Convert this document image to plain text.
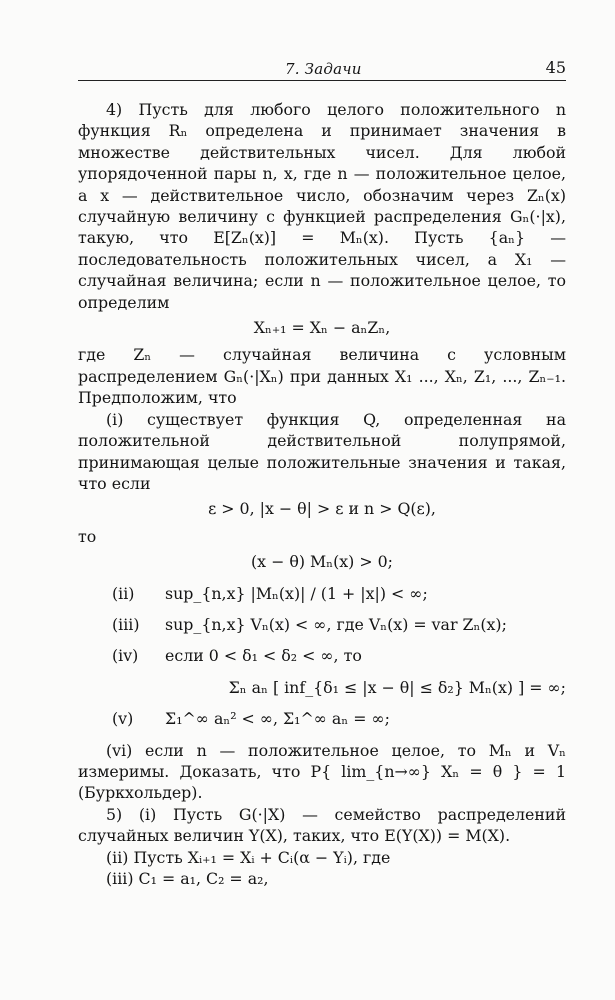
7. Задачи	45

4) Пусть для любого целого положительного n функция Rₙ определена и принимает значения в множестве действительных чисел. Для любой упорядоченной пары n, x, где n — положительное целое, а x — действительное число, обозначим через Zₙ(x) случайную величину с функцией распределения Gₙ(·|x), такую, что E[Zₙ(x)] = Mₙ(x). Пусть {aₙ} — последовательность положительных чисел, а X₁ — случайная величина; если n — положительное целое, то определим

Xₙ₊₁ = Xₙ − aₙZₙ,

где Zₙ — случайная величина с условным распределением Gₙ(·|Xₙ) при данных X₁ ..., Xₙ, Z₁, ..., Zₙ₋₁. Предположим, что

(i) существует функция Q, определенная на положительной действительной полупрямой, принимающая целые положительные значения и такая, что если

ε > 0, |x − θ| > ε и n > Q(ε),

то

(x − θ) Mₙ(x) > 0;

(ii) sup_{n,x} |Mₙ(x)| / (1 + |x|) < ∞;
(iii) sup_{n,x} Vₙ(x) < ∞, где Vₙ(x) = var Zₙ(x);
(iv) если 0 < δ₁ < δ₂ < ∞, то

Σₙ aₙ [ inf_{δ₁ ≤ |x − θ| ≤ δ₂} Mₙ(x) ] = ∞;

(v) Σ₁^∞ aₙ² < ∞, Σ₁^∞ aₙ = ∞;

(vi) если n — положительное целое, то Mₙ и Vₙ измеримы. Доказать, что P{ lim_{n→∞} Xₙ = θ } = 1 (Буркхольдер).

5) (i) Пусть G(·|X) — семейство распределений случайных величин Y(X), таких, что E(Y(X)) = M(X).

(ii) Пусть Xᵢ₊₁ = Xᵢ + Cᵢ(α − Yᵢ), где

(iii) C₁ = a₁, C₂ = a₂,
